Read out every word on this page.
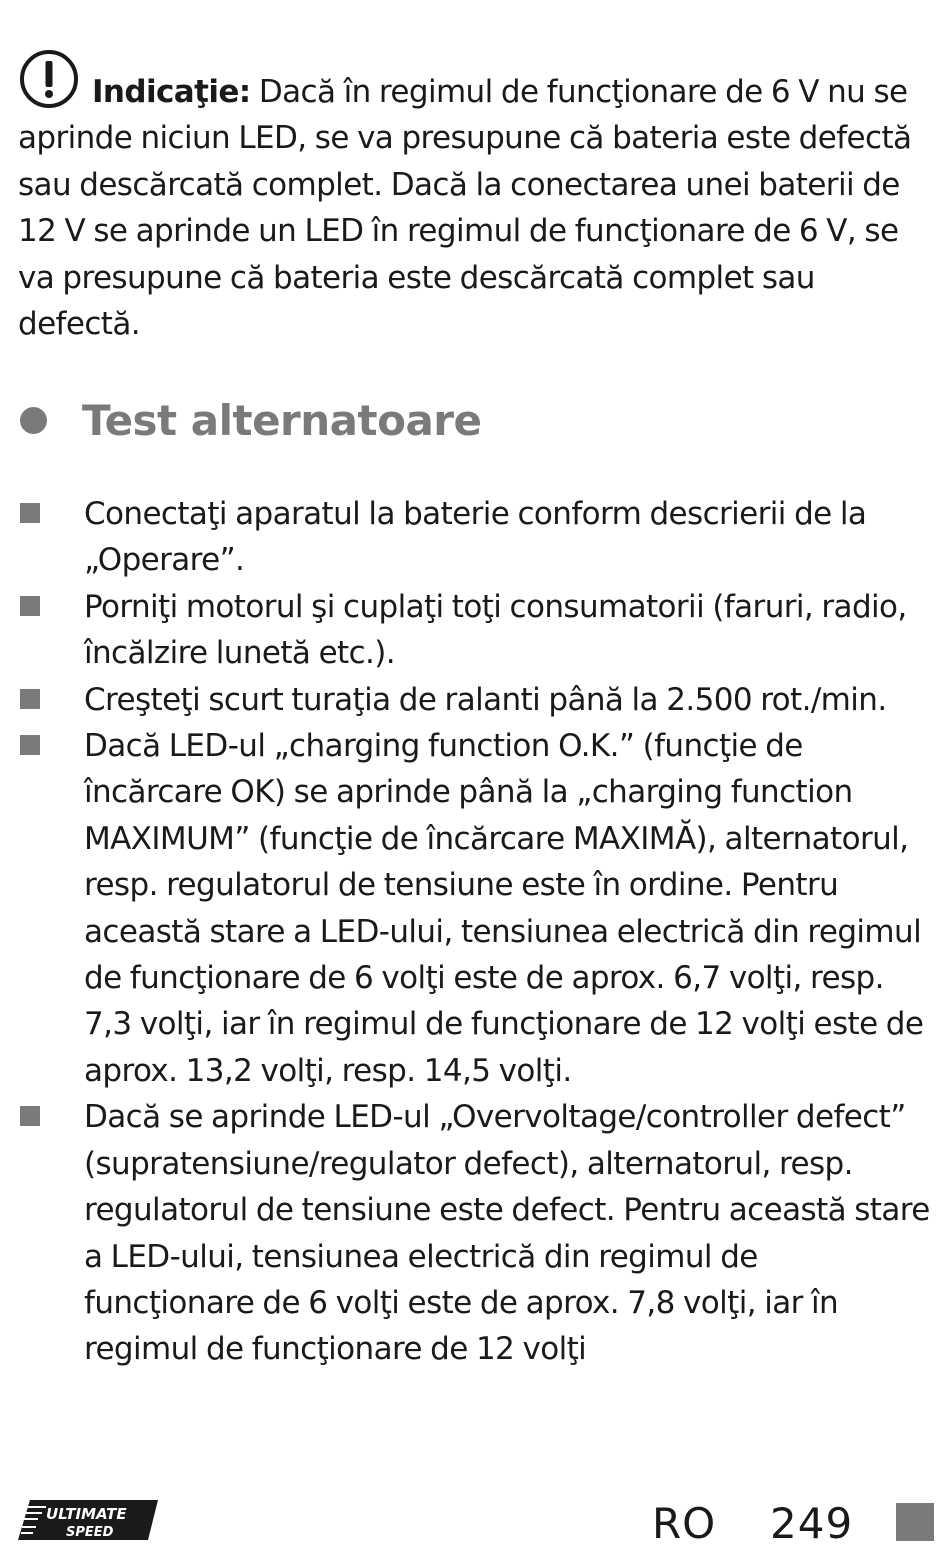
Indicaţie: Dacă în regimul de funcţionare de 6 V nu se aprinde niciun LED, se va presupune că bateria este defectă sau descărcată complet. Dacă la conectarea unei baterii de 12 V se aprinde un LED în regimul de funcţionare de 6 V, se va presupune că bateria este descărcată complet sau defectă.
Test alternatoare
Conectaţi aparatul la baterie conform descrierii de la „Operare”.
Porniţi motorul şi cuplaţi toţi consumatorii (faruri, radio, încălzire lunetă etc.).
Creşteţi scurt turaţia de ralanti până la 2.500 rot./min.
Dacă LED-ul „charging function O.K.” (funcţie de încărcare OK) se aprinde până la „charging function MAXIMUM” (funcţie de încărcare MAXIMĂ), alternatorul, resp. regulatorul de tensiune este în ordine. Pentru această stare a LED-ului, tensiunea electrică din regimul de funcţionare de 6 volţi este de aprox. 6,7 volţi, resp. 7,3 volţi, iar în regimul de funcţionare de 12 volţi este de aprox. 13,2 volţi, resp. 14,5 volţi.
Dacă se aprinde LED-ul „Overvoltage/controller defect” (supratensiune/regulator defect), alternatorul, resp. regulatorul de tensiune este defect. Pentru această stare a LED-ului, tensiunea electrică din regimul de funcţionare de 6 volţi este de aprox. 7,8 volţi, iar în regimul de funcţionare de 12 volţi
ULTIMATE
SPEED	RO 249
